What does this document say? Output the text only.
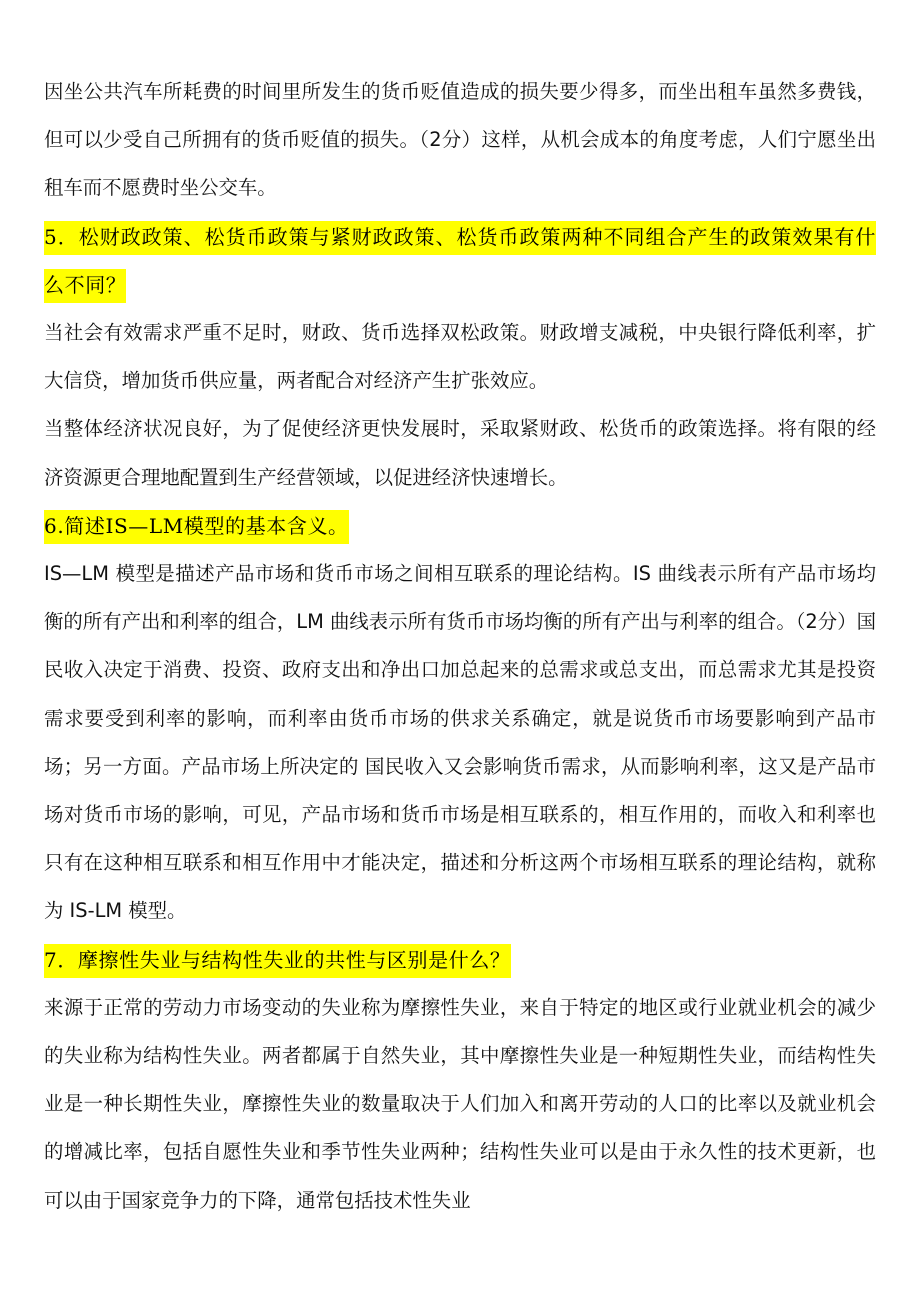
因坐公共汽车所耗费的时间里所发生的货币贬值造成的损失要少得多，而坐出租车虽然多费钱，但可以少受自己所拥有的货币贬值的损失。（2分）这样，从机会成本的角度考虑，人们宁愿坐出租车而不愿费时坐公交车。

5．松财政政策、松货币政策与紧财政政策、松货币政策两种不同组合产生的政策效果有什么不同？

当社会有效需求严重不足时，财政、货币选择双松政策。财政增支减税，中央银行降低利率，扩大信贷，增加货币供应量，两者配合对经济产生扩张效应。

当整体经济状况良好，为了促使经济更快发展时，采取紧财政、松货币的政策选择。将有限的经济资源更合理地配置到生产经营领域，以促进经济快速增长。

6.简述IS—LM模型的基本含义。

IS—LM 模型是描述产品市场和货币市场之间相互联系的理论结构。IS 曲线表示所有产品市场均衡的所有产出和利率的组合，LM 曲线表示所有货币市场均衡的所有产出与利率的组合。（2分）国民收入决定于消费、投资、政府支出和净出口加总起来的总需求或总支出，而总需求尤其是投资需求要受到利率的影响，而利率由货币市场的供求关系确定，就是说货币市场要影响到产品市场；另一方面。产品市场上所决定的 国民收入又会影响货币需求，从而影响利率，这又是产品市场对货币市场的影响，可见，产品市场和货币市场是相互联系的，相互作用的，而收入和利率也只有在这种相互联系和相互作用中才能决定，描述和分析这两个市场相互联系的理论结构，就称为 IS-LM 模型。

7．摩擦性失业与结构性失业的共性与区别是什么？

来源于正常的劳动力市场变动的失业称为摩擦性失业，来自于特定的地区或行业就业机会的减少的失业称为结构性失业。两者都属于自然失业，其中摩擦性失业是一种短期性失业，而结构性失业是一种长期性失业，摩擦性失业的数量取决于人们加入和离开劳动的人口的比率以及就业机会的增减比率，包括自愿性失业和季节性失业两种；结构性失业可以是由于永久性的技术更新，也可以由于国家竞争力的下降，通常包括技术性失业
